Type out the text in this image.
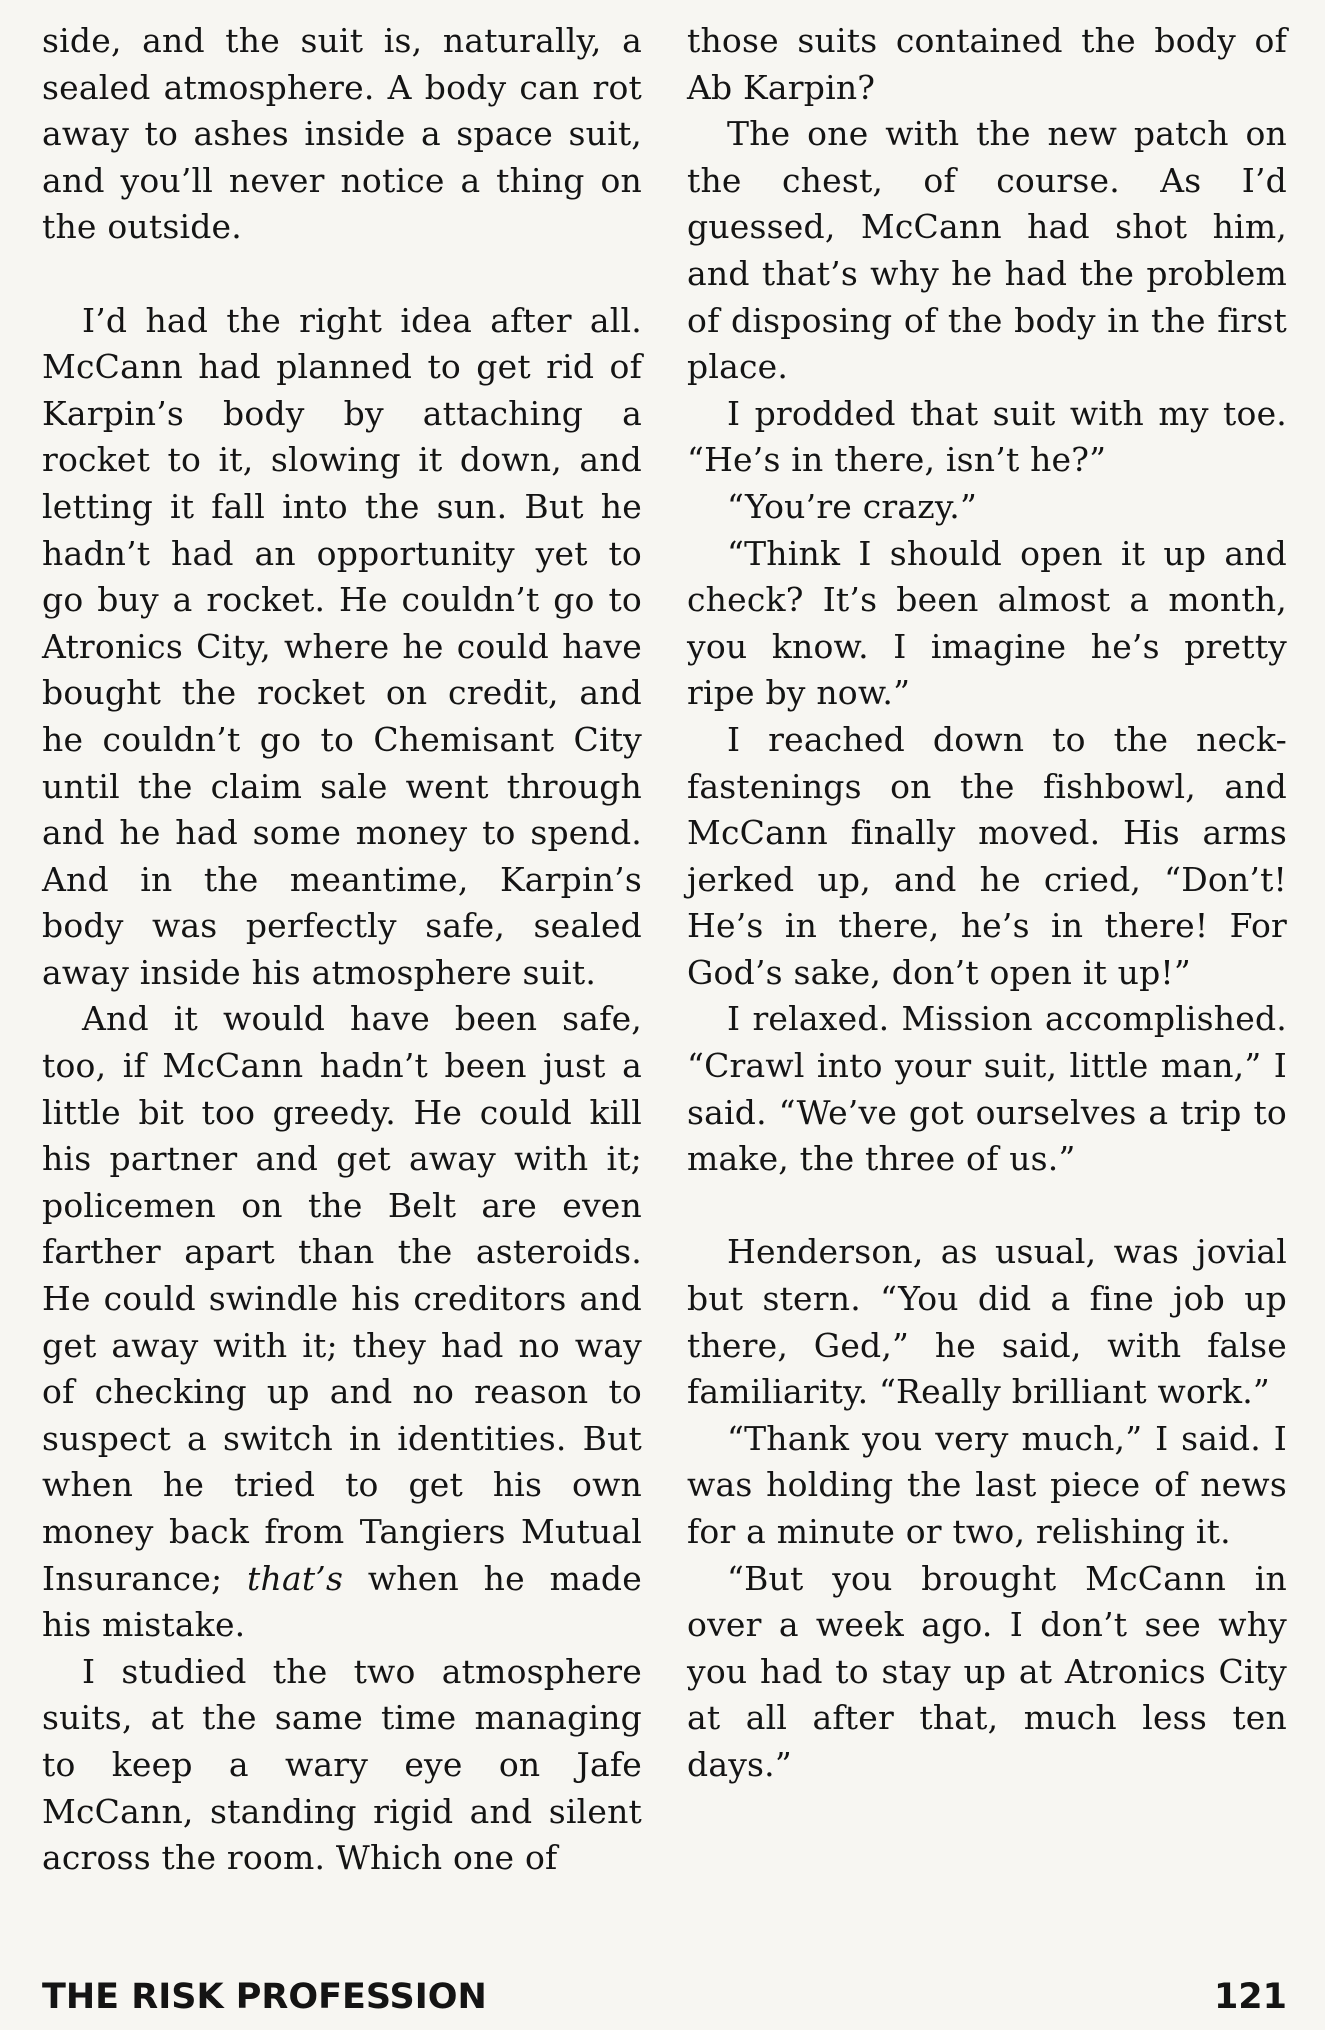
side, and the suit is, naturally, a sealed atmosphere. A body can rot away to ashes inside a space suit, and you’ll never notice a thing on the outside.

I’d had the right idea after all. McCann had planned to get rid of Karpin’s body by attaching a rocket to it, slowing it down, and letting it fall into the sun. But he hadn’t had an opportunity yet to go buy a rocket. He couldn’t go to Atronics City, where he could have bought the rocket on credit, and he couldn’t go to Chemisant City until the claim sale went through and he had some money to spend. And in the meantime, Karpin’s body was perfectly safe, sealed away inside his atmosphere suit.

And it would have been safe, too, if McCann hadn’t been just a little bit too greedy. He could kill his partner and get away with it; policemen on the Belt are even farther apart than the asteroids. He could swindle his creditors and get away with it; they had no way of checking up and no reason to suspect a switch in identities. But when he tried to get his own money back from Tangiers Mutual Insurance; that’s when he made his mistake.

I studied the two atmosphere suits, at the same time managing to keep a wary eye on Jafe McCann, standing rigid and silent across the room. Which one of

those suits contained the body of Ab Karpin?

The one with the new patch on the chest, of course. As I’d guessed, McCann had shot him, and that’s why he had the problem of disposing of the body in the first place.

I prodded that suit with my toe. “He’s in there, isn’t he?”

“You’re crazy.”

“Think I should open it up and check? It’s been almost a month, you know. I imagine he’s pretty ripe by now.”

I reached down to the neck-fastenings on the fishbowl, and McCann finally moved. His arms jerked up, and he cried, “Don’t! He’s in there, he’s in there! For God’s sake, don’t open it up!”

I relaxed. Mission accomplished. “Crawl into your suit, little man,” I said. “We’ve got ourselves a trip to make, the three of us.”

Henderson, as usual, was jovial but stern. “You did a fine job up there, Ged,” he said, with false familiarity. “Really brilliant work.”

“Thank you very much,” I said. I was holding the last piece of news for a minute or two, relishing it.

“But you brought McCann in over a week ago. I don’t see why you had to stay up at Atronics City at all after that, much less ten days.”

THE RISK PROFESSION	121
